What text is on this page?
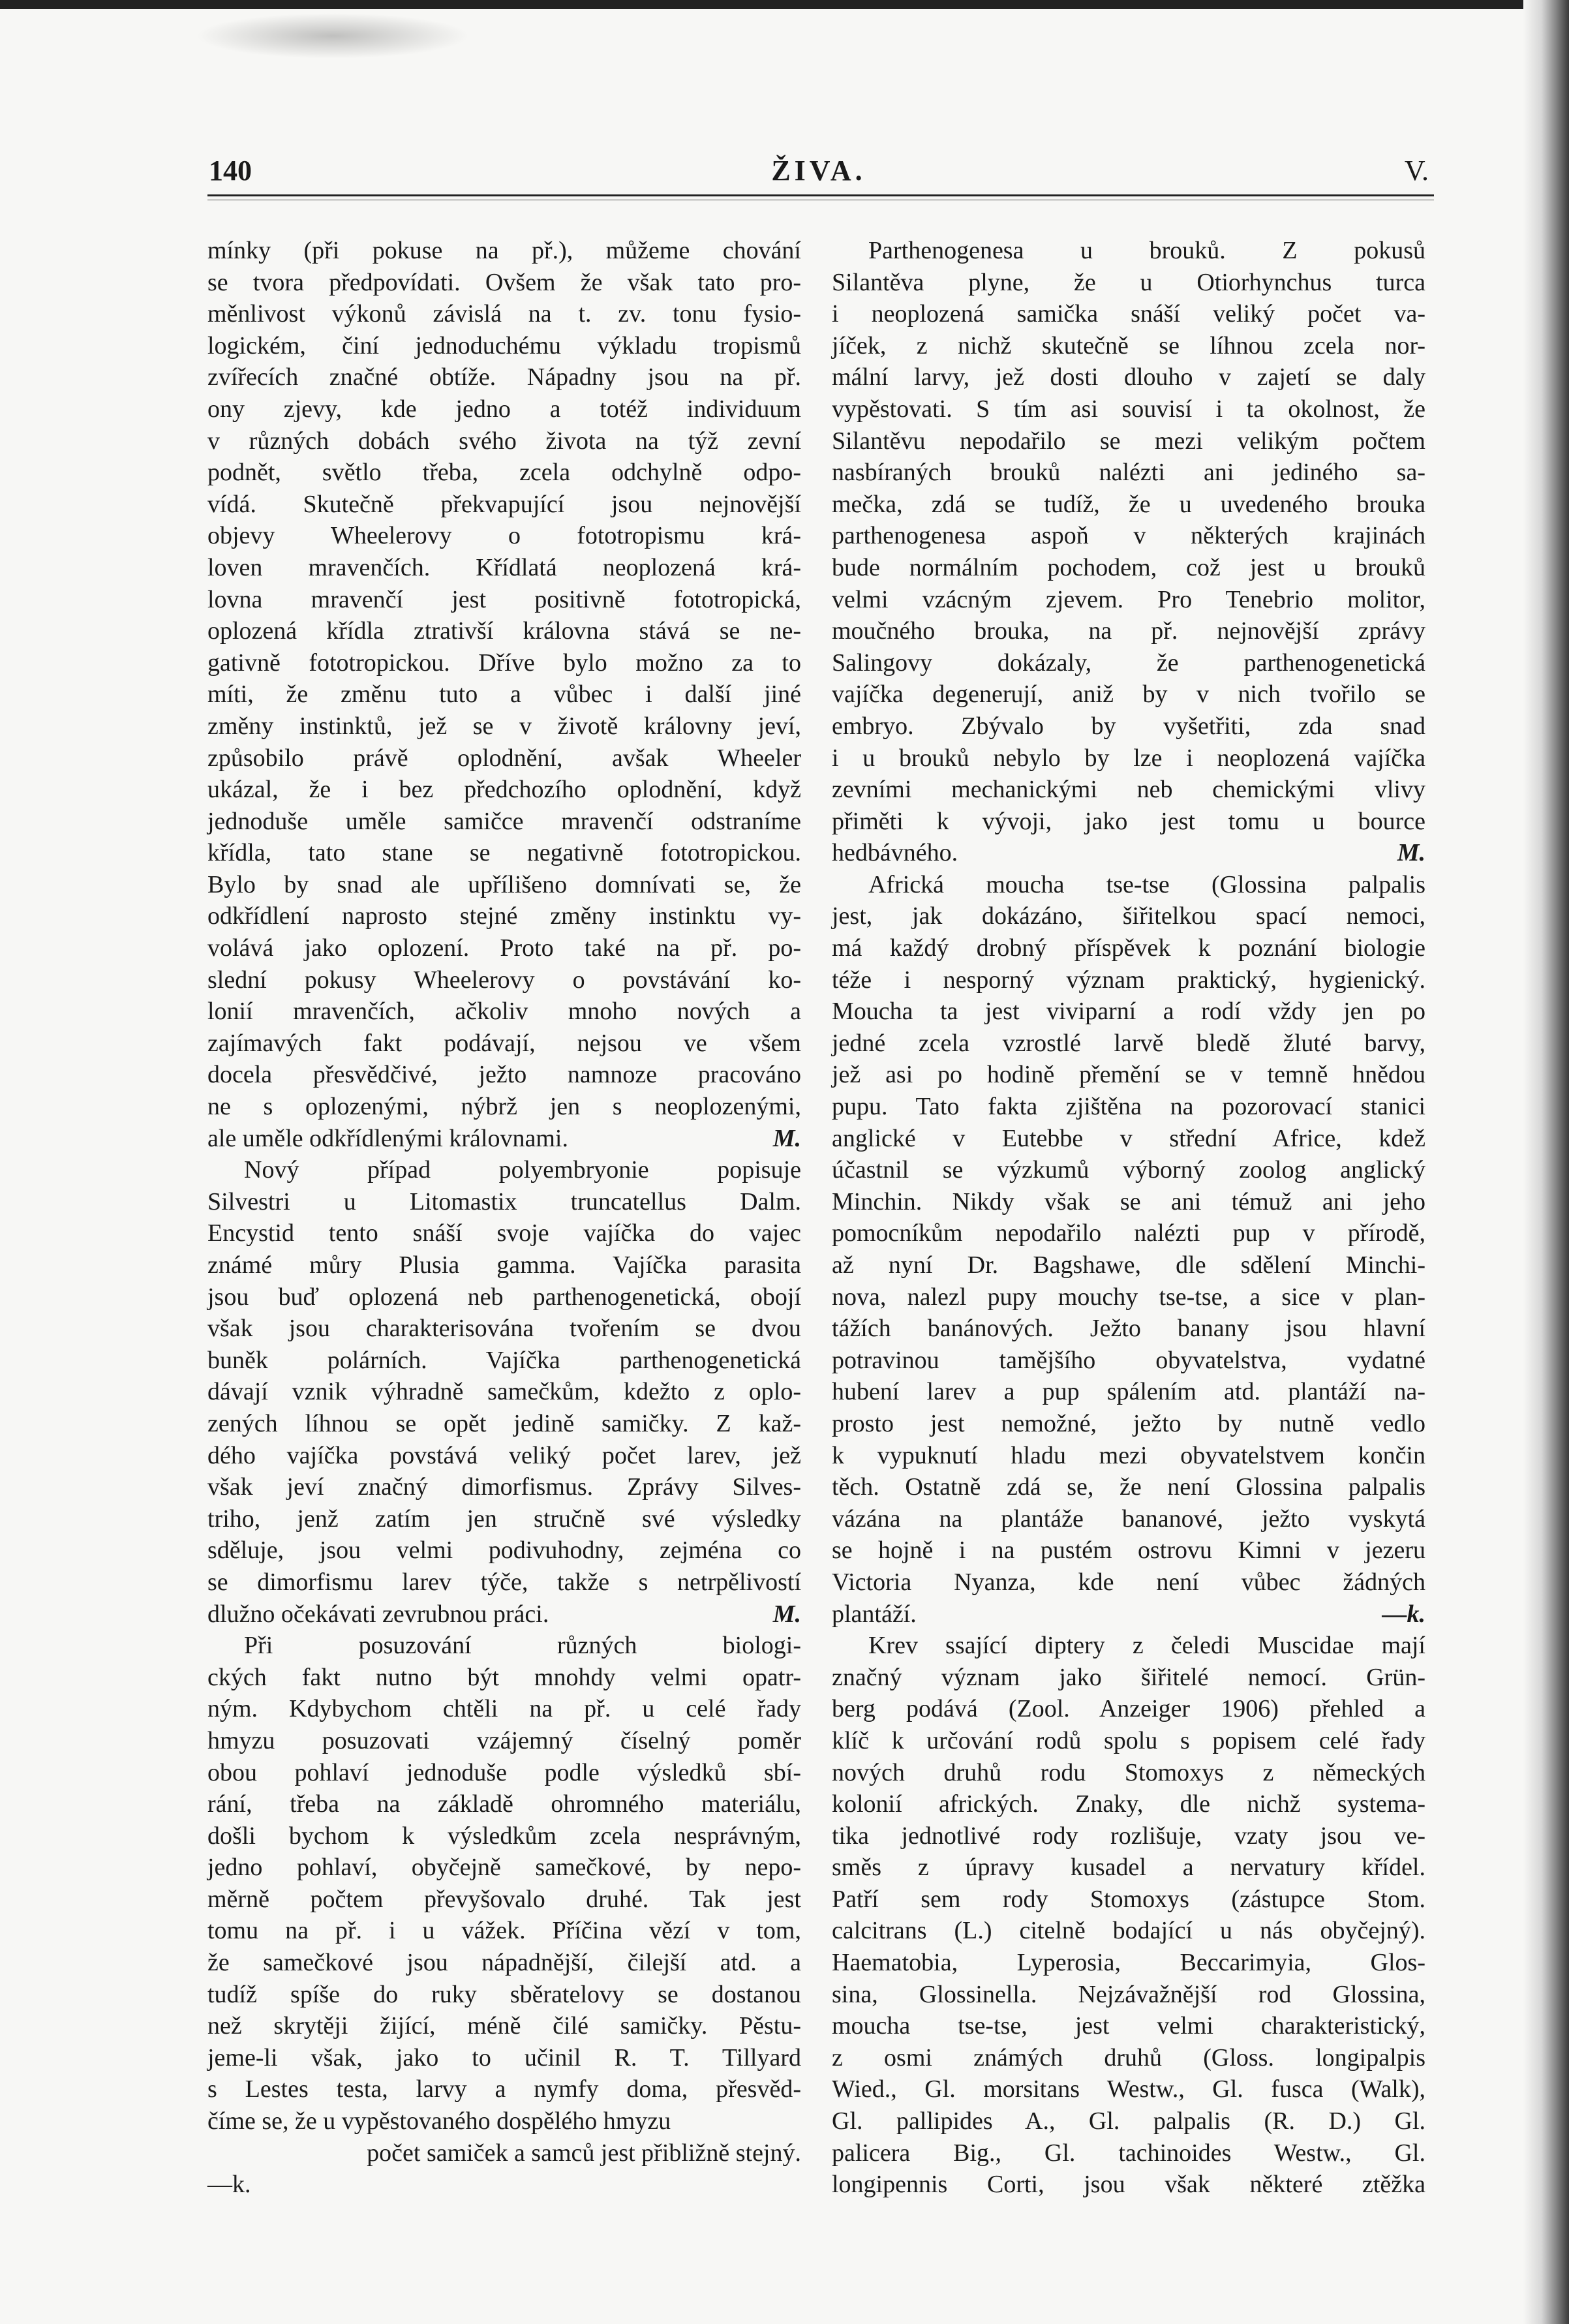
140	ŽIVA.	V.
mínky (při pokuse na př.), můžeme chování
se tvora předpovídati. Ovšem že však tato pro-
měnlivost výkonů závislá na t. zv. tonu fysio-
logickém, činí jednoduchému výkladu tropismů
zvířecích značné obtíže. Nápadny jsou na př.
ony zjevy, kde jedno a totéž individuum
v různých dobách svého života na týž zevní
podnět, světlo třeba, zcela odchylně odpo-
vídá. Skutečně překvapující jsou nejnovější
objevy Wheelerovy o fototropismu krá-
loven mravenčích. Křídlatá neoplozená krá-
lovna mravenčí jest positivně fototropická,
oplozená křídla ztrativší královna stává se ne-
gativně fototropickou. Dříve bylo možno za to
míti, že změnu tuto a vůbec i další jiné
změny instinktů, jež se v životě královny jeví,
způsobilo právě oplodnění, avšak Wheeler
ukázal, že i bez předchozího oplodnění, když
jednoduše uměle samičce mravenčí odstraníme
křídla, tato stane se negativně fototropickou.
Bylo by snad ale upřílišeno domnívati se, že
odkřídlení naprosto stejné změny instinktu vy-
volává jako oplození. Proto také na př. po-
slední pokusy Wheelerovy o povstávání ko-
lonií mravenčích, ačkoliv mnoho nových a
zajímavých fakt podávají, nejsou ve všem
docela přesvědčivé, ježto namnoze pracováno
ne s oplozenými, nýbrž jen s neoplozenými,
ale uměle odkřídlenými královnami.	M.
Nový případ polyembryonie popisuje
Silvestri u Litomastix truncatellus Dalm.
Encystid tento snáší svoje vajíčka do vajec
známé můry Plusia gamma. Vajíčka parasita
jsou buď oplozená neb parthenogenetická, obojí
však jsou charakterisována tvořením se dvou
buněk polárních. Vajíčka parthenogenetická
dávají vznik výhradně samečkům, kdežto z oplo-
zených líhnou se opět jedině samičky. Z kaž-
dého vajíčka povstává veliký počet larev, jež
však jeví značný dimorfismus. Zprávy Silves-
triho, jenž zatím jen stručně své výsledky
sděluje, jsou velmi podivuhodny, zejména co
se dimorfismu larev týče, takže s netrpělivostí
dlužno očekávati zevrubnou práci.	M.
Při posuzování různých biologi-
ckých fakt nutno být mnohdy velmi opatr-
ným. Kdybychom chtěli na př. u celé řady
hmyzu posuzovati vzájemný číselný poměr
obou pohlaví jednoduše podle výsledků sbí-
rání, třeba na základě ohromného materiálu,
došli bychom k výsledkům zcela nesprávným,
jedno pohlaví, obyčejně samečkové, by nepo-
měrně počtem převyšovalo druhé. Tak jest
tomu na př. i u vážek. Příčina vězí v tom,
že samečkové jsou nápadnější, čilejší atd. a
tudíž spíše do ruky sběratelovy se dostanou
než skrytěji žijící, méně čilé samičky. Pěstu-
jeme-li však, jako to učinil R. T. Tillyard
s Lestes testa, larvy a nymfy doma, přesvěd-
číme se, že u vypěstovaného dospělého hmyzu
počet samiček a samců jest přibližně stejný.
—k.
Parthenogenesa u brouků. Z pokusů
Silantěva plyne, že u Otiorhynchus turca
i neoplozená samička snáší veliký počet va-
jíček, z nichž skutečně se líhnou zcela nor-
mální larvy, jež dosti dlouho v zajetí se daly
vypěstovati. S tím asi souvisí i ta okolnost, že
Silantěvu nepodařilo se mezi velikým počtem
nasbíraných brouků nalézti ani jediného sa-
mečka, zdá se tudíž, že u uvedeného brouka
parthenogenesa aspoň v některých krajinách
bude normálním pochodem, což jest u brouků
velmi vzácným zjevem. Pro Tenebrio molitor,
moučného brouka, na př. nejnovější zprávy
Salingovy dokázaly, že parthenogenetická
vajíčka degenerují, aniž by v nich tvořilo se
embryo. Zbývalo by vyšetřiti, zda snad
i u brouků nebylo by lze i neoplozená vajíčka
zevními mechanickými neb chemickými vlivy
přiměti k vývoji, jako jest tomu u bource
hedbávného.	M.
Africká moucha tse-tse (Glossina palpalis
jest, jak dokázáno, šiřitelkou spací nemoci,
má každý drobný příspěvek k poznání biologie
téže i nesporný význam praktický, hygienický.
Moucha ta jest viviparní a rodí vždy jen po
jedné zcela vzrostlé larvě bledě žluté barvy,
jež asi po hodině přemění se v temně hnědou
pupu. Tato fakta zjištěna na pozorovací stanici
anglické v Eutebbe v střední Africe, kdež
účastnil se výzkumů výborný zoolog anglický
Minchin. Nikdy však se ani témuž ani jeho
pomocníkům nepodařilo nalézti pup v přírodě,
až nyní Dr. Bagshawe, dle sdělení Minchi-
nova, nalezl pupy mouchy tse-tse, a sice v plan-
tážích banánových. Ježto banany jsou hlavní
potravinou tamějšího obyvatelstva, vydatné
hubení larev a pup spálením atd. plantáží na-
prosto jest nemožné, ježto by nutně vedlo
k vypuknutí hladu mezi obyvatelstvem končin
těch. Ostatně zdá se, že není Glossina palpalis
vázána na plantáže bananové, ježto vyskytá
se hojně i na pustém ostrovu Kimni v jezeru
Victoria Nyanza, kde není vůbec žádných
plantáží.	—k.
Krev ssající diptery z čeledi Muscidae mají
značný význam jako šiřitelé nemocí. Grün-
berg podává (Zool. Anzeiger 1906) přehled a
klíč k určování rodů spolu s popisem celé řady
nových druhů rodu Stomoxys z německých
kolonií afrických. Znaky, dle nichž systema-
tika jednotlivé rody rozlišuje, vzaty jsou ve-
směs z úpravy kusadel a nervatury křídel.
Patří sem rody Stomoxys (zástupce Stom.
calcitrans (L.) citelně bodající u nás obyčejný).
Haematobia, Lyperosia, Beccarimyia, Glos-
sina, Glossinella. Nejzávažnější rod Glossina,
moucha tse-tse, jest velmi charakteristický,
z osmi známých druhů (Gloss. longipalpis
Wied., Gl. morsitans Westw., Gl. fusca (Walk),
Gl. pallipides A., Gl. palpalis (R. D.) Gl.
palicera Big., Gl. tachinoides Westw., Gl.
longipennis Corti, jsou však některé ztěžka
